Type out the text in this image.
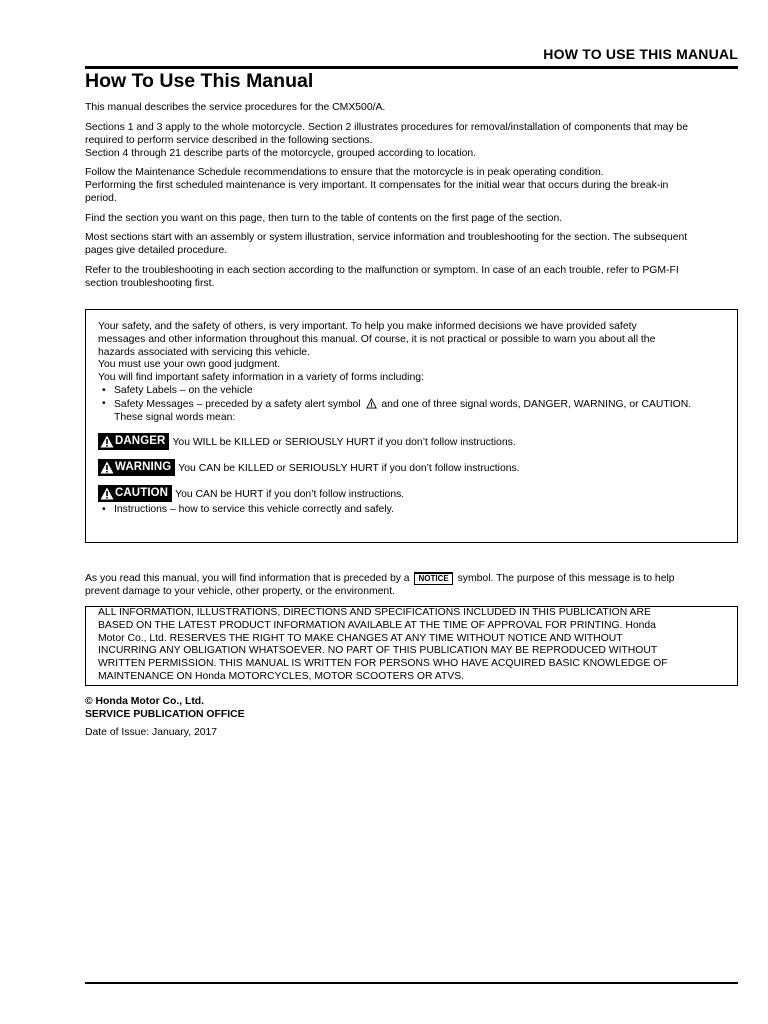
HOW TO USE THIS MANUAL
How To Use This Manual

This manual describes the service procedures for the CMX500/A.

Sections 1 and 3 apply to the whole motorcycle. Section 2 illustrates procedures for removal/installation of components that may be
required to perform service described in the following sections.
Section 4 through 21 describe parts of the motorcycle, grouped according to location.

Follow the Maintenance Schedule recommendations to ensure that the motorcycle is in peak operating condition.
Performing the first scheduled maintenance is very important. It compensates for the initial wear that occurs during the break-in
period.

Find the section you want on this page, then turn to the table of contents on the first page of the section.

Most sections start with an assembly or system illustration, service information and troubleshooting for the section. The subsequent
pages give detailed procedure.

Refer to the troubleshooting in each section according to the malfunction or symptom. In case of an each trouble, refer to PGM-FI
section troubleshooting first.

Your safety, and the safety of others, is very important. To help you make informed decisions we have provided safety
messages and other information throughout this manual. Of course, it is not practical or possible to warn you about all the
hazards associated with servicing this vehicle.
You must use your own good judgment.
You will find important safety information in a variety of forms including:
• Safety Labels – on the vehicle
• Safety Messages – preceded by a safety alert symbol and one of three signal words, DANGER, WARNING, or CAUTION.
These signal words mean:
DANGER You WILL be KILLED or SERIOUSLY HURT if you don’t follow instructions.
WARNING You CAN be KILLED or SERIOUSLY HURT if you don’t follow instructions.
CAUTION You CAN be HURT if you don’t follow instructions.
• Instructions – how to service this vehicle correctly and safely.
As you read this manual, you will find information that is preceded by a NOTICE symbol. The purpose of this message is to help
prevent damage to your vehicle, other property, or the environment.
ALL INFORMATION, ILLUSTRATIONS, DIRECTIONS AND SPECIFICATIONS INCLUDED IN THIS PUBLICATION ARE
BASED ON THE LATEST PRODUCT INFORMATION AVAILABLE AT THE TIME OF APPROVAL FOR PRINTING. Honda
Motor Co., Ltd. RESERVES THE RIGHT TO MAKE CHANGES AT ANY TIME WITHOUT NOTICE AND WITHOUT
INCURRING ANY OBLIGATION WHATSOEVER. NO PART OF THIS PUBLICATION MAY BE REPRODUCED WITHOUT
WRITTEN PERMISSION. THIS MANUAL IS WRITTEN FOR PERSONS WHO HAVE ACQUIRED BASIC KNOWLEDGE OF
MAINTENANCE ON Honda MOTORCYCLES, MOTOR SCOOTERS OR ATVS.
© Honda Motor Co., Ltd.
SERVICE PUBLICATION OFFICE
Date of Issue: January, 2017
